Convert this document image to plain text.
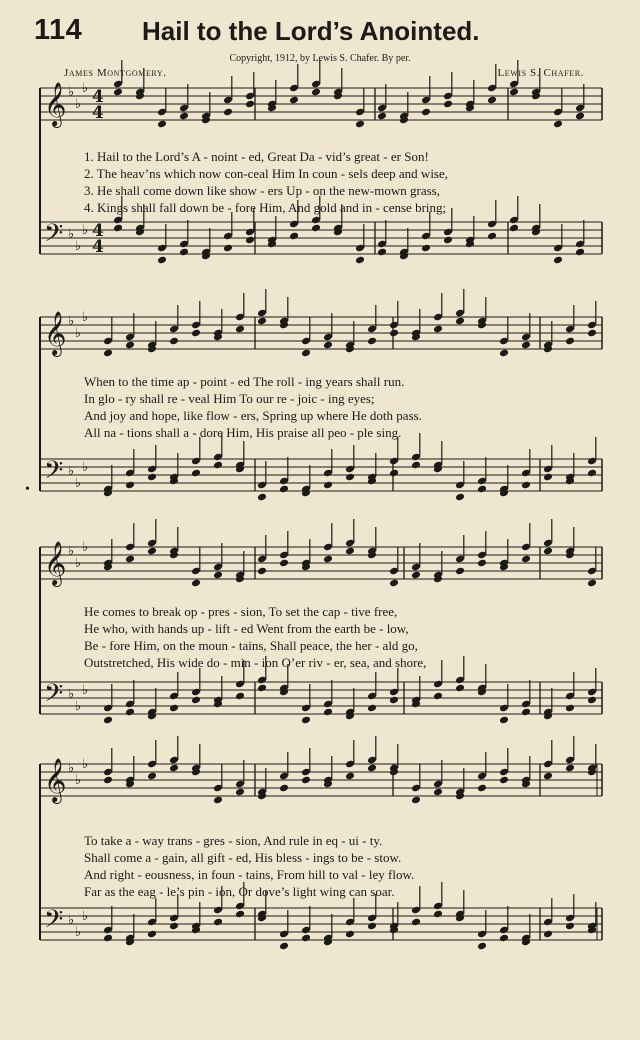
114 Hail to the Lord’s Anointed.
Copyright, 1912, by Lewis S. Chafer. By per.
James Montgomery.	Lewis S. Chafer.
•
𝄞
𝄢
♭
♭
♭
♭
♭
♭
4
4
4
4
𝄞
𝄢
♭
♭
♭
♭
♭
♭
𝄞
𝄢
♭
♭
♭
♭
♭
♭
𝄞
𝄢
♭
♭
♭
♭
♭
♭
1. Hail to the Lord’s A - noint - ed, Great Da - vid’s great - er Son!
2. The heav’ns which now con-ceal Him In coun - sels deep and wise,
3. He shall come down like show - ers Up - on the new-mown grass,
4. Kings shall fall down be - fore Him, And gold and in - cense bring;
When to the time ap - point - ed The roll - ing years shall run.
In glo - ry shall re - veal Him To our re - joic - ing eyes;
And joy and hope, like flow - ers, Spring up where He doth pass.
All na - tions shall a - dore Him, His praise all peo - ple sing.
He comes to break op - pres - sion, To set the cap - tive free,
He who, with hands up - lift - ed Went from the earth be - low,
Be - fore Him, on the moun - tains, Shall peace, the her - ald go,
Outstretched, His wide do - min - ion O’er riv - er, sea, and shore,
To take a - way trans - gres - sion, And rule in eq - ui - ty.
Shall come a - gain, all gift - ed, His bless - ings to be - stow.
And right - eousness, in foun - tains, From hill to val - ley flow.
Far as the eag - le’s pin - ion, Or dove’s light wing can soar.
